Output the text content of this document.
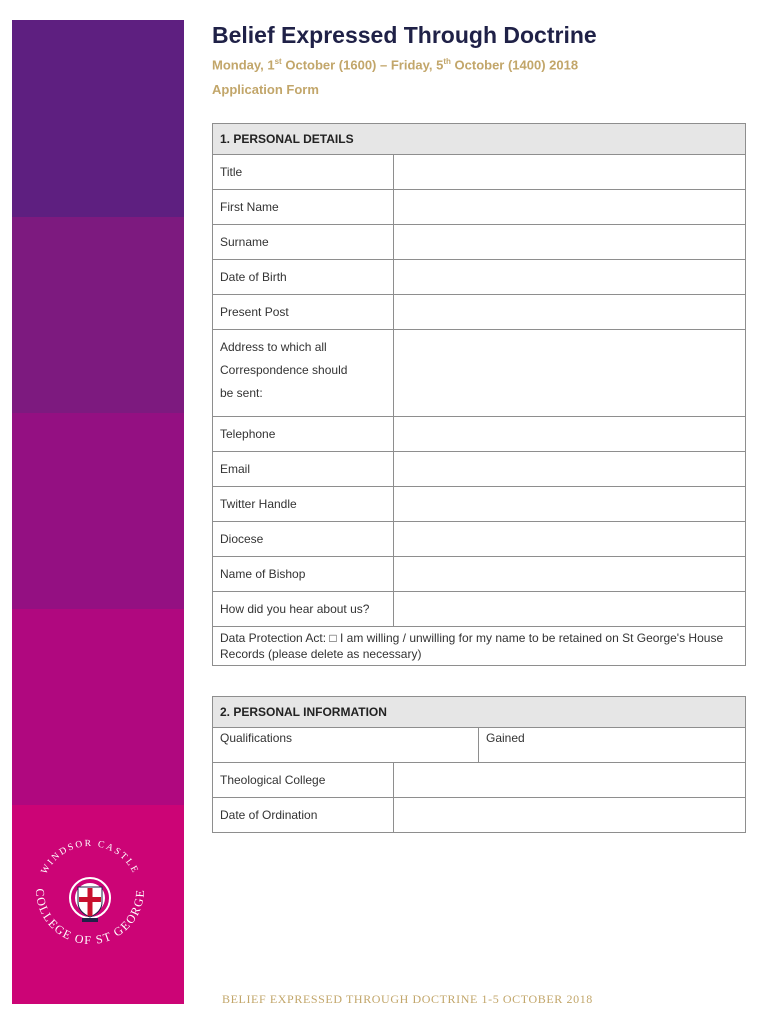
WINDSOR CASTLE
COLLEGE OF ST GEORGE
Belief Expressed Through Doctrine
Monday, 1st October (1600) – Friday, 5th October (1400) 2018
Application Form
1. PERSONAL DETAILS	
Title	
First Name	
Surname	
Date of Birth	
Present Post	

Address to which all
Correspondence should
be sent:	

Telephone	
Email	
Twitter Handle	
Diocese	
Name of Bishop	
How did you hear about us?	
Data Protection Act: □ I am willing / unwilling for my name to be retained on St George's House Records (please delete as necessary)	
2. PERSONAL INFORMATION		
Qualifications		Gained
Theological College		
Date of Ordination		
BELIEF EXPRESSED THROUGH DOCTRINE 1-5 OCTOBER 2018
